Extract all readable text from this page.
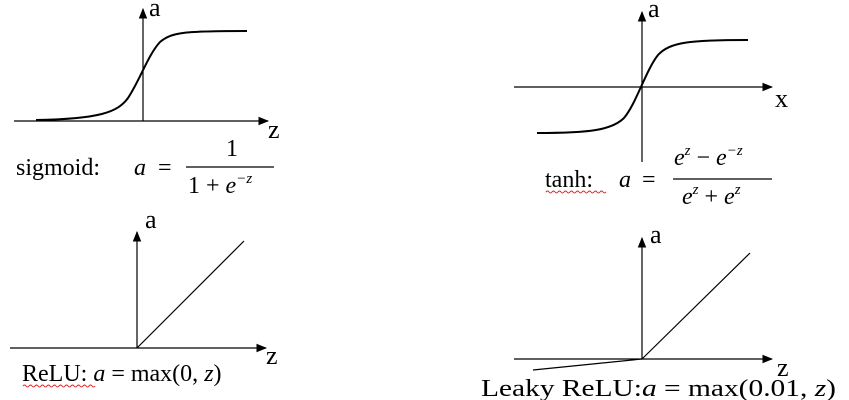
a
z
sigmoid: a =
1
$1 + e^{-z}$
a
x
tanh: a =
$e^z - e^{-z}$
$e^z + e^z$
a
z
ReLU: a = max(0, z)
a
z
Leaky ReLU: a = max(0.01, z)
